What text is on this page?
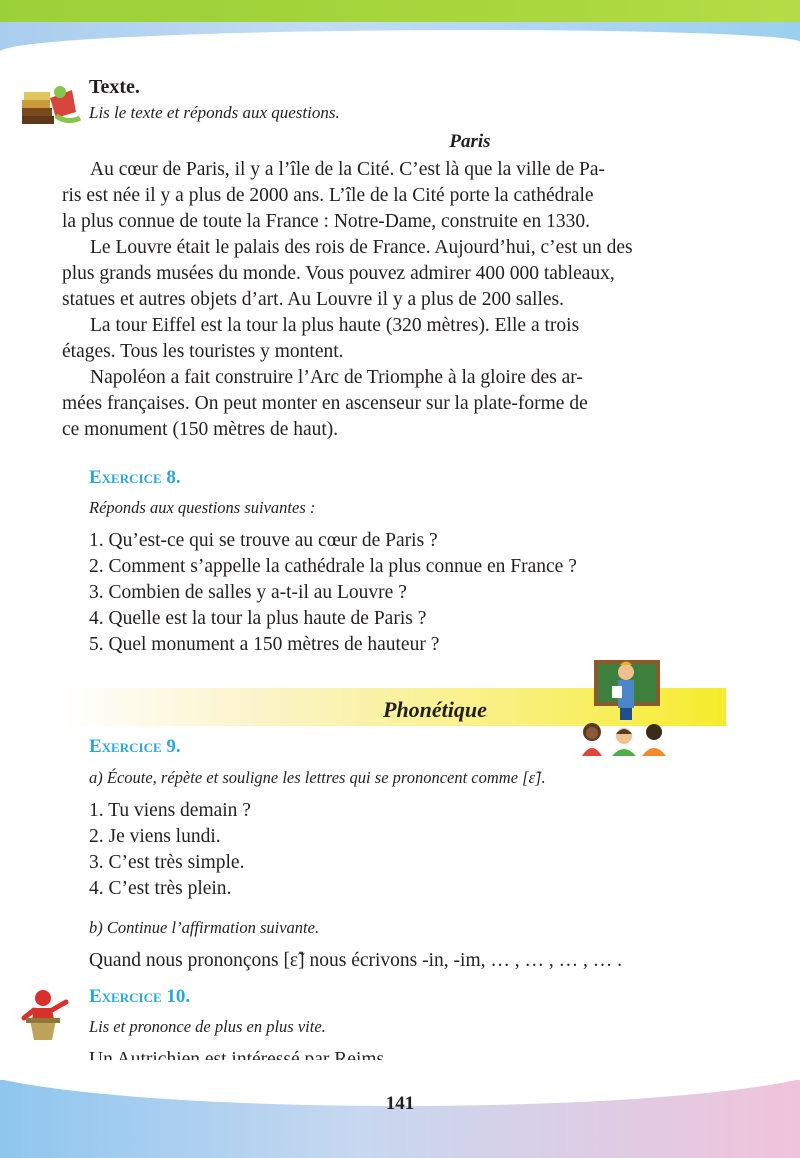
Texte.
Lis le texte et réponds aux questions.
Paris
Au cœur de Paris, il y a l’île de la Cité. C’est là que la ville de Pa-
ris est née il y a plus de 2000 ans. L’île de la Cité porte la cathédrale
la plus connue de toute la France : Notre-Dame, construite en 1330.
Le Louvre était le palais des rois de France. Aujourd’hui, c’est un des
plus grands musées du monde. Vous pouvez admirer 400 000 tableaux,
statues et autres objets d’art. Au Louvre il y a plus de 200 salles.
La tour Eiffel est la tour la plus haute (320 mètres). Elle a trois
étages. Tous les touristes y montent.
Napoléon a fait construire l’Arc de Triomphe à la gloire des ar-
mées françaises. On peut monter en ascenseur sur la plate-forme de
ce monument (150 mètres de haut).
Exercice 8.
Réponds aux questions suivantes :
1. Qu’est-ce qui se trouve au cœur de Paris ?
2. Comment s’appelle la cathédrale la plus connue en France ?
3. Combien de salles y a-t-il au Louvre ?
4. Quelle est la tour la plus haute de Paris ?
5. Quel monument a 150 mètres de hauteur ?
Phonétique
Exercice 9.
a) Écoute, répète et souligne les lettres qui se prononcent comme [ɛ̃].
1. Tu viens demain ?
2. Je viens lundi.
3. C’est très simple.
4. C’est très plein.
b) Continue l’affirmation suivante.
Quand nous prononçons [ɛ̃] nous écrivons -in, -im, … , … , … , … .
Exercice 10.
Lis et prononce de plus en plus vite.
141
